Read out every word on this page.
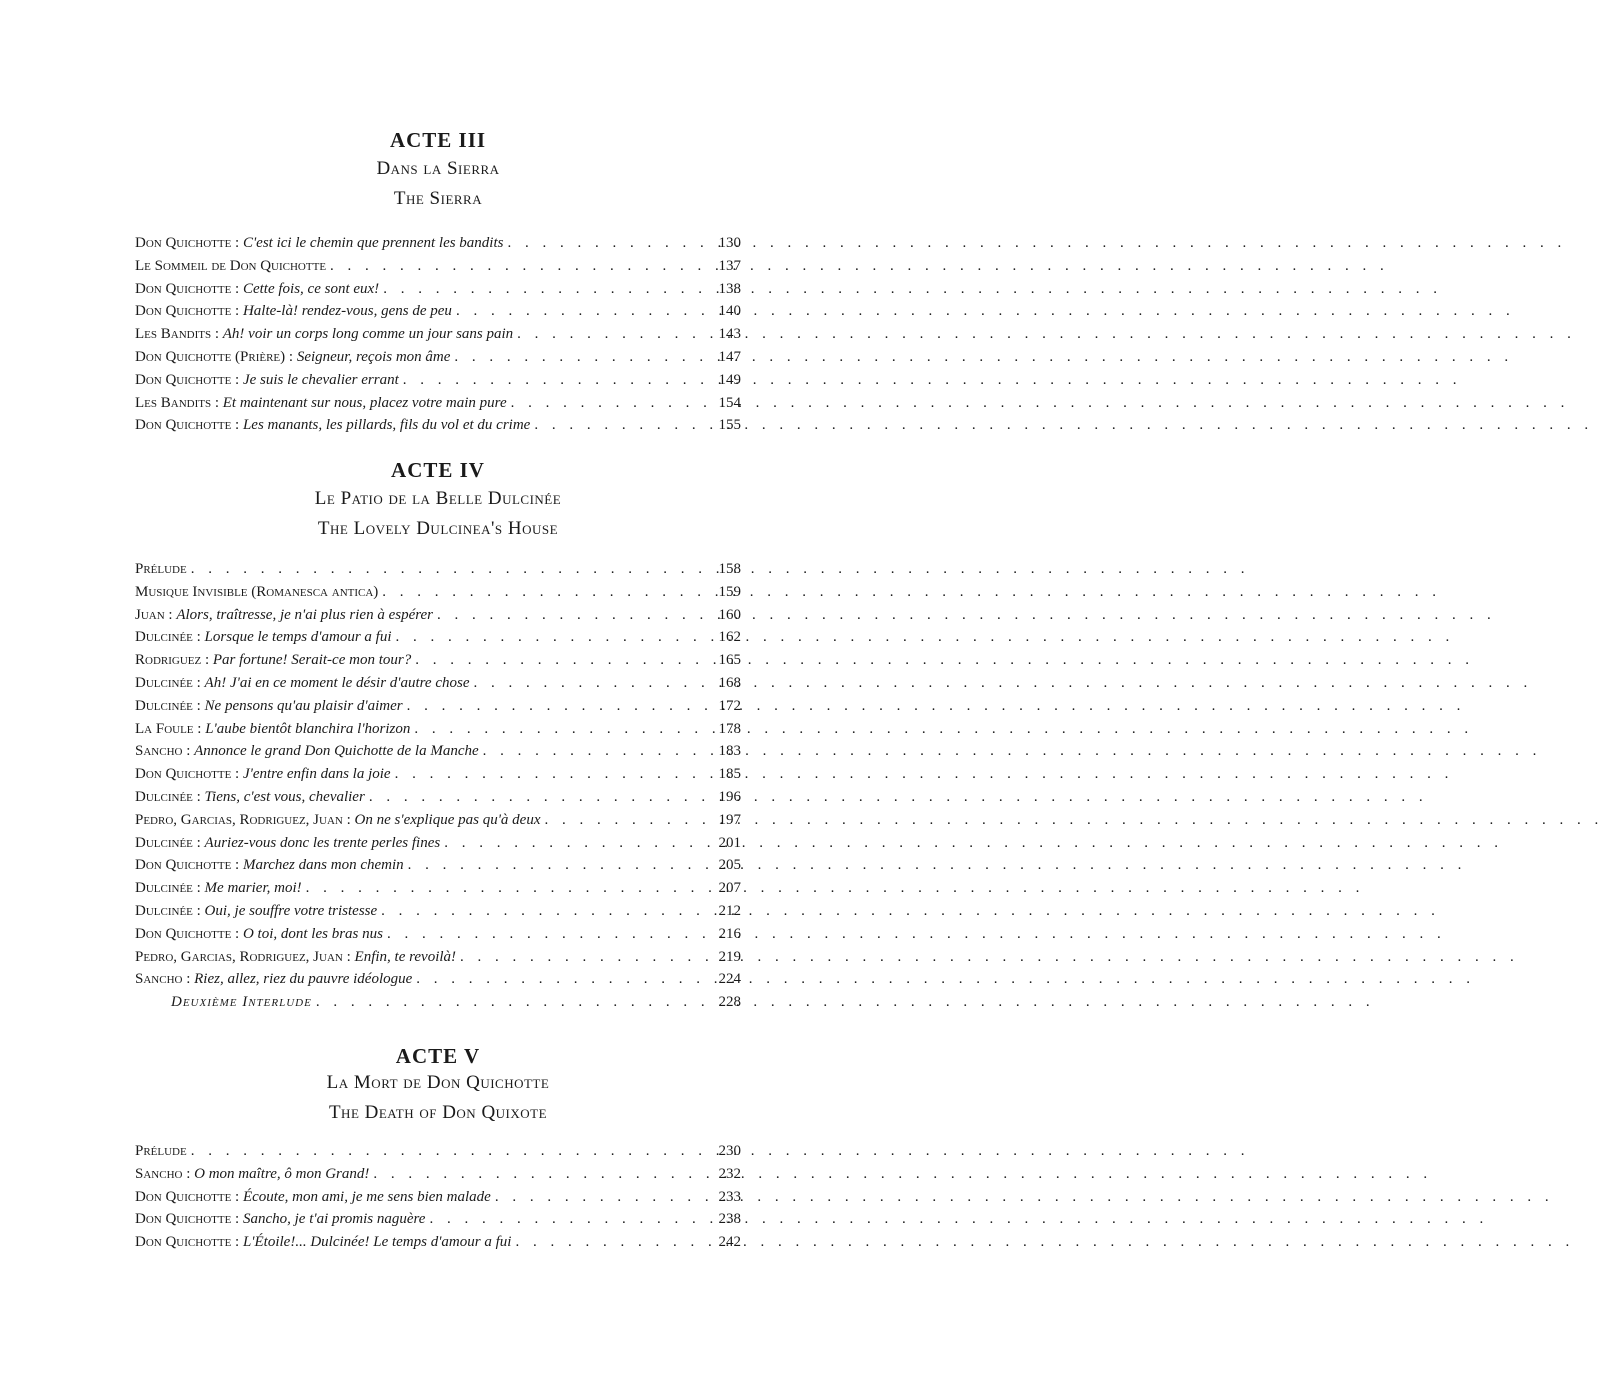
ACTE III
Dans la Sierra
The Sierra
Don Quichotte : C'est ici le chemin que prennent les bandits . . .	130
Le Sommeil de Don Quichotte . . .	137
Don Quichotte : Cette fois, ce sont eux! . . .	138
Don Quichotte : Halte-là! rendez-vous, gens de peu . . .	140
Les Bandits : Ah! voir un corps long comme un jour sans pain . . .	143
Don Quichotte (Prière) : Seigneur, reçois mon âme . . .	147
Don Quichotte : Je suis le chevalier errant . . .	149
Les Bandits : Et maintenant sur nous, placez votre main pure . . .	154
Don Quichotte : Les manants, les pillards, fils du vol et du crime . . .	155
ACTE IV
Le Patio de la Belle Dulcinée
The Lovely Dulcinea's House
Prélude . . .	158
Musique Invisible (Romanesca antica) . . .	159
Juan : Alors, traîtresse, je n'ai plus rien à espérer . . .	160
Dulcinée : Lorsque le temps d'amour a fui . . .	162
Rodriguez : Par fortune! Serait-ce mon tour? . . .	165
Dulcinée : Ah! J'ai en ce moment le désir d'autre chose . . .	168
Dulcinée : Ne pensons qu'au plaisir d'aimer . . .	172
La Foule : L'aube bientôt blanchira l'horizon . . .	178
Sancho : Annonce le grand Don Quichotte de la Manche . . .	183
Don Quichotte : J'entre enfin dans la joie . . .	185
Dulcinée : Tiens, c'est vous, chevalier . . .	196
Pedro, Garcias, Rodriguez, Juan : On ne s'explique pas qu'à deux . . .	197
Dulcinée : Auriez-vous donc les trente perles fines . . .	201
Don Quichotte : Marchez dans mon chemin . . .	205
Dulcinée : Me marier, moi! . . .	207
Dulcinée : Oui, je souffre votre tristesse . . .	212
Don Quichotte : O toi, dont les bras nus . . .	216
Pedro, Garcias, Rodriguez, Juan : Enfin, te revoilà! . . .	219
Sancho : Riez, allez, riez du pauvre idéologue . . .	224
Deuxième Interlude . . .	228
ACTE V
La Mort de Don Quichotte
The Death of Don Quixote
Prélude . . .	230
Sancho : O mon maître, ô mon Grand! . . .	232
Don Quichotte : Écoute, mon ami, je me sens bien malade . . .	233
Don Quichotte : Sancho, je t'ai promis naguère . . .	238
Don Quichotte : L'Étoile!... Dulcinée! Le temps d'amour a fui . . .	242
